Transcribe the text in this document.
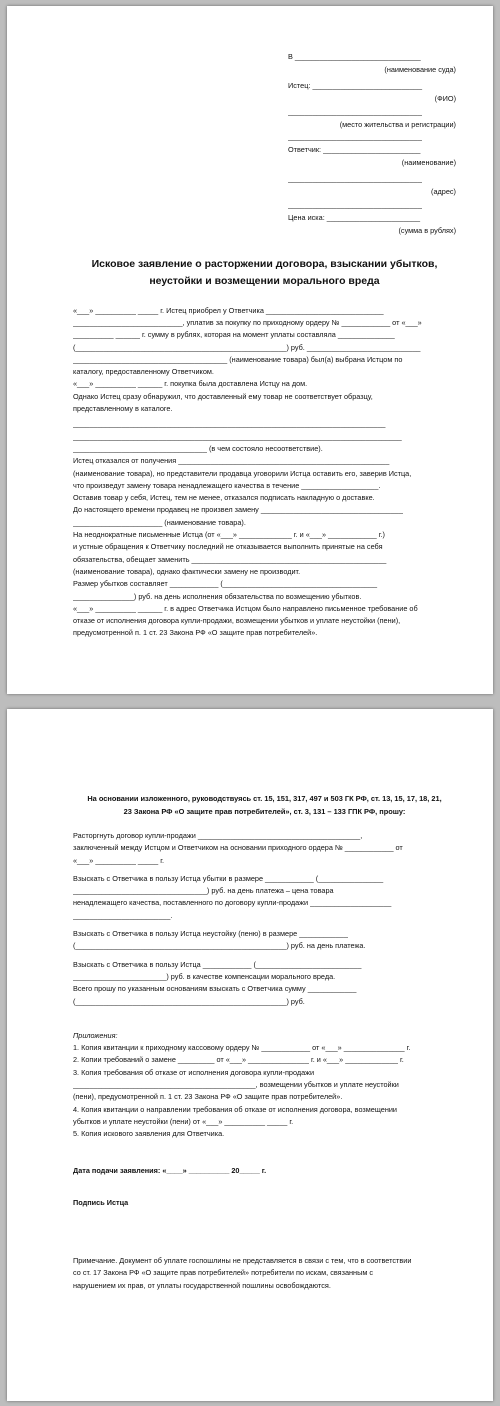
В _______________________________
(наименование суда)
Истец: ___________________________
(ФИО)
_________________________________
(место жительства и регистрации)
_________________________________
Ответчик: ________________________
(наименование)
_________________________________
(адрес)
_________________________________
Цена иска: _______________________
(сумма в рублях)
Исковое заявление о расторжении договора, взыскании убытков,
неустойки и возмещении морального вреда
«___» __________ _____ г. Истец приобрел у Ответчика _____________________________
___________________________, уплатив за покупку по приходному ордеру № ____________ от «___»
__________ ______ г. сумму в рублях, которая на момент уплаты составляла ______________
(____________________________________________________) руб. ____________________________
______________________________________ (наименование товара) был(а) выбрана Истцом по
каталогу, предоставленному Ответчиком.
«___» __________ ______ г. покупка была доставлена Истцу на дом.
Однако Истец сразу обнаружил, что доставленный ему товар не соответствует образцу,
представленному в каталоге.
_____________________________________________________________________________
_________________________________________________________________________________
_________________________________ (в чем состояло несоответствие).
Истец отказался от получения ____________________________________________________
(наименование товара), но представители продавца уговорили Истца оставить его, заверив Истца,
что произведут замену товара ненадлежащего качества в течение ___________________.
Оставив товар у себя, Истец, тем не менее, отказался подписать накладную о доставке.
До настоящего времени продавец не произвел замену ___________________________________
______________________ (наименование товара).
На неоднократные письменные Истца (от «___» _____________ г. и «___» ____________ г.)
и устные обращения к Ответчику последний не отказывается выполнить принятые на себя
обязательства, обещает заменить ________________________________________________
(наименование товара), однако фактически замену не производит.
Размер убытков составляет ____________ (______________________________________
_______________) руб. на день исполнения обязательства по возмещению убытков.
«___» __________ ______ г. в адрес Ответчика Истцом было направлено письменное требование об
отказе от исполнения договора купли-продажи, возмещении убытков и уплате неустойки (пени),
предусмотренной п. 1 ст. 23 Закона РФ «О защите прав потребителей».
На основании изложенного, руководствуясь ст. 15, 151, 317, 497 и 503 ГК РФ, ст. 13, 15, 17, 18, 21,
23 Закона РФ «О защите прав потребителей», ст. 3, 131 – 133 ГПК РФ, прошу:
Расторгнуть договор купли-продажи ________________________________________,
заключенный между Истцом и Ответчиком на основании приходного ордера № ____________ от
«___» __________ _____ г.
Взыскать с Ответчика в пользу Истца убытки в размере ____________ (________________
_________________________________) руб. на день платежа – цена товара
ненадлежащего качества, поставленного по договору купли-продажи ____________________
________________________.
Взыскать с Ответчика в пользу Истца неустойку (пеню) в размере ____________
(____________________________________________________) руб. на день платежа.
Взыскать с Ответчика в пользу Истца ____________ (__________________________
_______________________) руб. в качестве компенсации морального вреда.
Всего прошу по указанным основаниям взыскать с Ответчика сумму ____________
(____________________________________________________) руб.
Приложения:
1. Копия квитанции к приходному кассовому ордеру № ____________ от «___» _______________ г.
2. Копии требований о замене _________ от «___» _______________ г. и «___» _____________ г.
3. Копия требования об отказе от исполнения договора купли-продажи
_____________________________________________, возмещении убытков и уплате неустойки
(пени), предусмотренной п. 1 ст. 23 Закона РФ «О защите прав потребителей».
4. Копия квитанции о направлении требования об отказе от исполнения договора, возмещении
убытков и уплате неустойки (пени) от «___» __________ _____ г.
5. Копия искового заявления для Ответчика.
Дата подачи заявления: «____» __________ 20_____ г.
Подпись Истца
Примечание. Документ об уплате госпошлины не представляется в связи с тем, что в соответствии
со ст. 17 Закона РФ «О защите прав потребителей» потребители по искам, связанным с
нарушением их прав, от уплаты государственной пошлины освобождаются.
